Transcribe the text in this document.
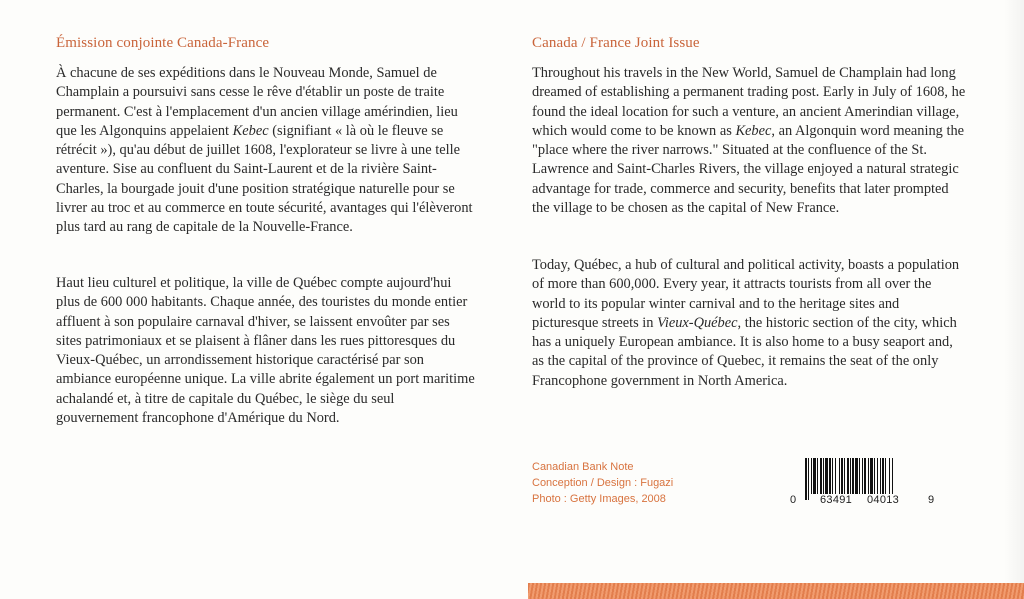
Émission conjointe Canada-France

À chacune de ses expéditions dans le Nouveau Monde, Samuel de Champlain a poursuivi sans cesse le rêve d'établir un poste de traite permanent. C'est à l'emplacement d'un ancien village amérindien, lieu que les Algonquins appelaient Kebec (signifiant « là où le fleuve se rétrécit »), qu'au début de juillet 1608, l'explorateur se livre à une telle aventure. Sise au confluent du Saint-Laurent et de la rivière Saint-Charles, la bourgade jouit d'une position stratégique naturelle pour se livrer au troc et au commerce en toute sécurité, avantages qui l'élèveront plus tard au rang de capitale de la Nouvelle-France.

Haut lieu culturel et politique, la ville de Québec compte aujourd'hui plus de 600 000 habitants. Chaque année, des touristes du monde entier affluent à son populaire carnaval d'hiver, se laissent envoûter par ses sites patrimoniaux et se plaisent à flâner dans les rues pittoresques du Vieux-Québec, un arrondissement historique caractérisé par son ambiance européenne unique. La ville abrite également un port maritime achalandé et, à titre de capitale du Québec, le siège du seul gouvernement francophone d'Amérique du Nord.

Canada / France Joint Issue

Throughout his travels in the New World, Samuel de Champlain had long dreamed of establishing a permanent trading post. Early in July of 1608, he found the ideal location for such a venture, an ancient Amerindian village, which would come to be known as Kebec, an Algonquin word meaning the "place where the river narrows." Situated at the confluence of the St. Lawrence and Saint-Charles Rivers, the village enjoyed a natural strategic advantage for trade, commerce and security, benefits that later prompted the village to be chosen as the capital of New France.

Today, Québec, a hub of cultural and political activity, boasts a population of more than 600,000. Every year, it attracts tourists from all over the world to its popular winter carnival and to the heritage sites and picturesque streets in Vieux-Québec, the historic section of the city, which has a uniquely European ambiance. It is also home to a busy seaport and, as the capital of the province of Quebec, it remains the seat of the only Francophone government in North America.

Canadian Bank Note
Conception / Design : Fugazi
Photo : Getty Images, 2008	0 63491 04013	9
